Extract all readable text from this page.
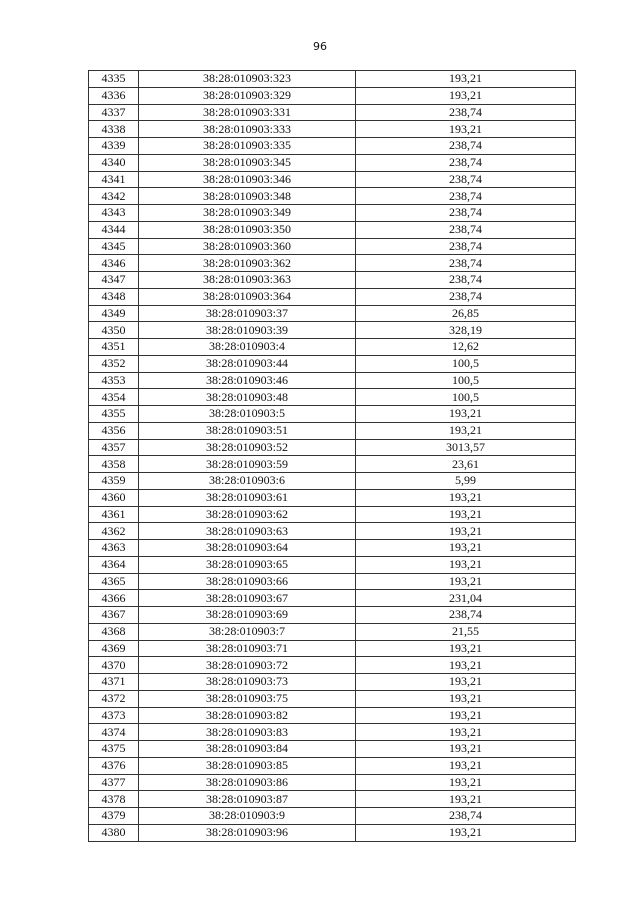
96
4335	38:28:010903:323	193,21
4336	38:28:010903:329	193,21
4337	38:28:010903:331	238,74
4338	38:28:010903:333	193,21
4339	38:28:010903:335	238,74
4340	38:28:010903:345	238,74
4341	38:28:010903:346	238,74
4342	38:28:010903:348	238,74
4343	38:28:010903:349	238,74
4344	38:28:010903:350	238,74
4345	38:28:010903:360	238,74
4346	38:28:010903:362	238,74
4347	38:28:010903:363	238,74
4348	38:28:010903:364	238,74
4349	38:28:010903:37	26,85
4350	38:28:010903:39	328,19
4351	38:28:010903:4	12,62
4352	38:28:010903:44	100,5
4353	38:28:010903:46	100,5
4354	38:28:010903:48	100,5
4355	38:28:010903:5	193,21
4356	38:28:010903:51	193,21
4357	38:28:010903:52	3013,57
4358	38:28:010903:59	23,61
4359	38:28:010903:6	5,99
4360	38:28:010903:61	193,21
4361	38:28:010903:62	193,21
4362	38:28:010903:63	193,21
4363	38:28:010903:64	193,21
4364	38:28:010903:65	193,21
4365	38:28:010903:66	193,21
4366	38:28:010903:67	231,04
4367	38:28:010903:69	238,74
4368	38:28:010903:7	21,55
4369	38:28:010903:71	193,21
4370	38:28:010903:72	193,21
4371	38:28:010903:73	193,21
4372	38:28:010903:75	193,21
4373	38:28:010903:82	193,21
4374	38:28:010903:83	193,21
4375	38:28:010903:84	193,21
4376	38:28:010903:85	193,21
4377	38:28:010903:86	193,21
4378	38:28:010903:87	193,21
4379	38:28:010903:9	238,74
4380	38:28:010903:96	193,21
